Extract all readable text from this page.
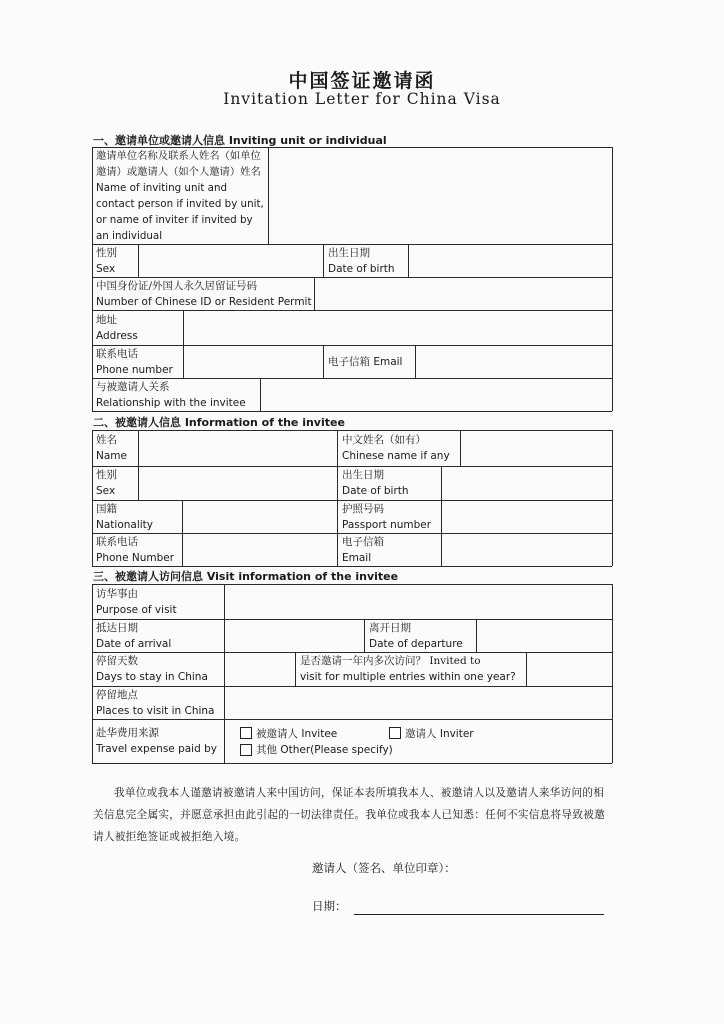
中国签证邀请函
Invitation Letter for China Visa
一、邀请单位或邀请人信息 Inviting unit or individual
邀请单位名称及联系人姓名（如单位邀请）或邀请人（如个人邀请）姓名 Name of inviting unit and contact person if invited by unit, or name of inviter if invited by an individual
性别
Sex
出生日期
Date of birth
中国身份证/外国人永久居留证号码
Number of Chinese ID or Resident Permit
地址
Address
联系电话
Phone number
电子信箱 Email
与被邀请人关系
Relationship with the invitee
二、被邀请人信息 Information of the invitee
姓名
Name
中文姓名（如有）
Chinese name if any
性别
Sex
出生日期
Date of birth
国籍
Nationality
护照号码
Passport number
联系电话
Phone Number
电子信箱
Email
三、被邀请人访问信息 Visit information of the invitee
访华事由
Purpose of visit
抵达日期
Date of arrival
离开日期
Date of departure
停留天数
Days to stay in China
是否邀请一年内多次访问？ Invited to
visit for multiple entries within one year?
停留地点
Places to visit in China
赴华费用来源
Travel expense paid by
被邀请人 Invitee	邀请人 Inviter
其他 Other(Please specify)
我单位或我本人谨邀请被邀请人来中国访问，保证本表所填我本人、被邀请人以及邀请人来华访问的相关信息完全属实，并愿意承担由此引起的一切法律责任。我单位或我本人已知悉：任何不实信息将导致被邀请人被拒绝签证或被拒绝入境。
邀请人（签名、单位印章）：
日期：
